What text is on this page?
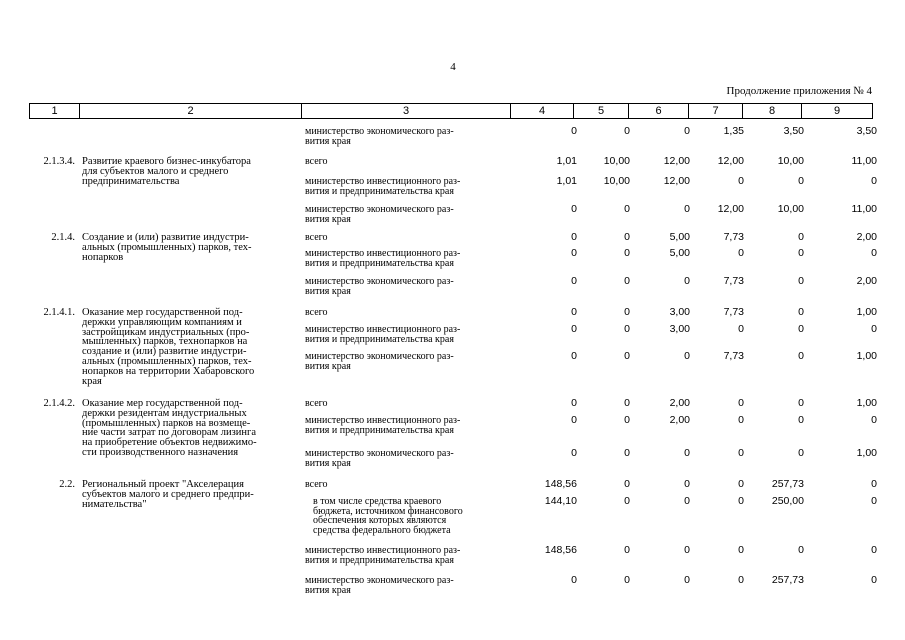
4
Продолжение приложения № 4
1	2	3	4	5	6	7	8	9
министерство экономического раз-
вития края
0	0	0	1,35	3,50	3,50
2.1.3.4. Развитие краевого бизнес-инкубатора
для субъектов малого и среднего
предпринимательства
всего	1,01	10,00	12,00	12,00	10,00	11,00
министерство инвестиционного раз-
вития и предпринимательства края
1,01	10,00	12,00	0	0	0
министерство экономического раз-
вития края
0	0	0	12,00	10,00	11,00
2.1.4. Создание и (или) развитие индустри-
альных (промышленных) парков, тех-
нопарков
всего	0	0	5,00	7,73	0	2,00
министерство инвестиционного раз-
вития и предпринимательства края
0	0	5,00	0	0	0
министерство экономического раз-
вития края
0	0	0	7,73	0	2,00
2.1.4.1. Оказание мер государственной под-
держки управляющим компаниям и
застройщикам индустриальных (про-
мышленных) парков, технопарков на
создание и (или) развитие индустри-
альных (промышленных) парков, тех-
нопарков на территории Хабаровского
края
всего	0	0	3,00	7,73	0	1,00
министерство инвестиционного раз-
вития и предпринимательства края
0	0	3,00	0	0	0
министерство экономического раз-
вития края
0	0	0	7,73	0	1,00
2.1.4.2. Оказание мер государственной под-
держки резидентам индустриальных
(промышленных) парков на возмеще-
ние части затрат по договорам лизинга
на приобретение объектов недвижимо-
сти производственного назначения
всего	0	0	2,00	0	0	1,00
министерство инвестиционного раз-
вития и предпринимательства края
0	0	2,00	0	0	0
министерство экономического раз-
вития края
0	0	0	0	0	1,00
2.2. Региональный проект "Акселерация
субъектов малого и среднего предпри-
нимательства"
всего	148,56	0	0	0	257,73	0
в том числе средства краевого
бюджета, источником финансового
обеспечения которых являются
средства федерального бюджета
144,10	0	0	0	250,00	0
министерство инвестиционного раз-
вития и предпринимательства края
148,56	0	0	0	0	0
министерство экономического раз-
вития края
0	0	0	0	257,73	0
